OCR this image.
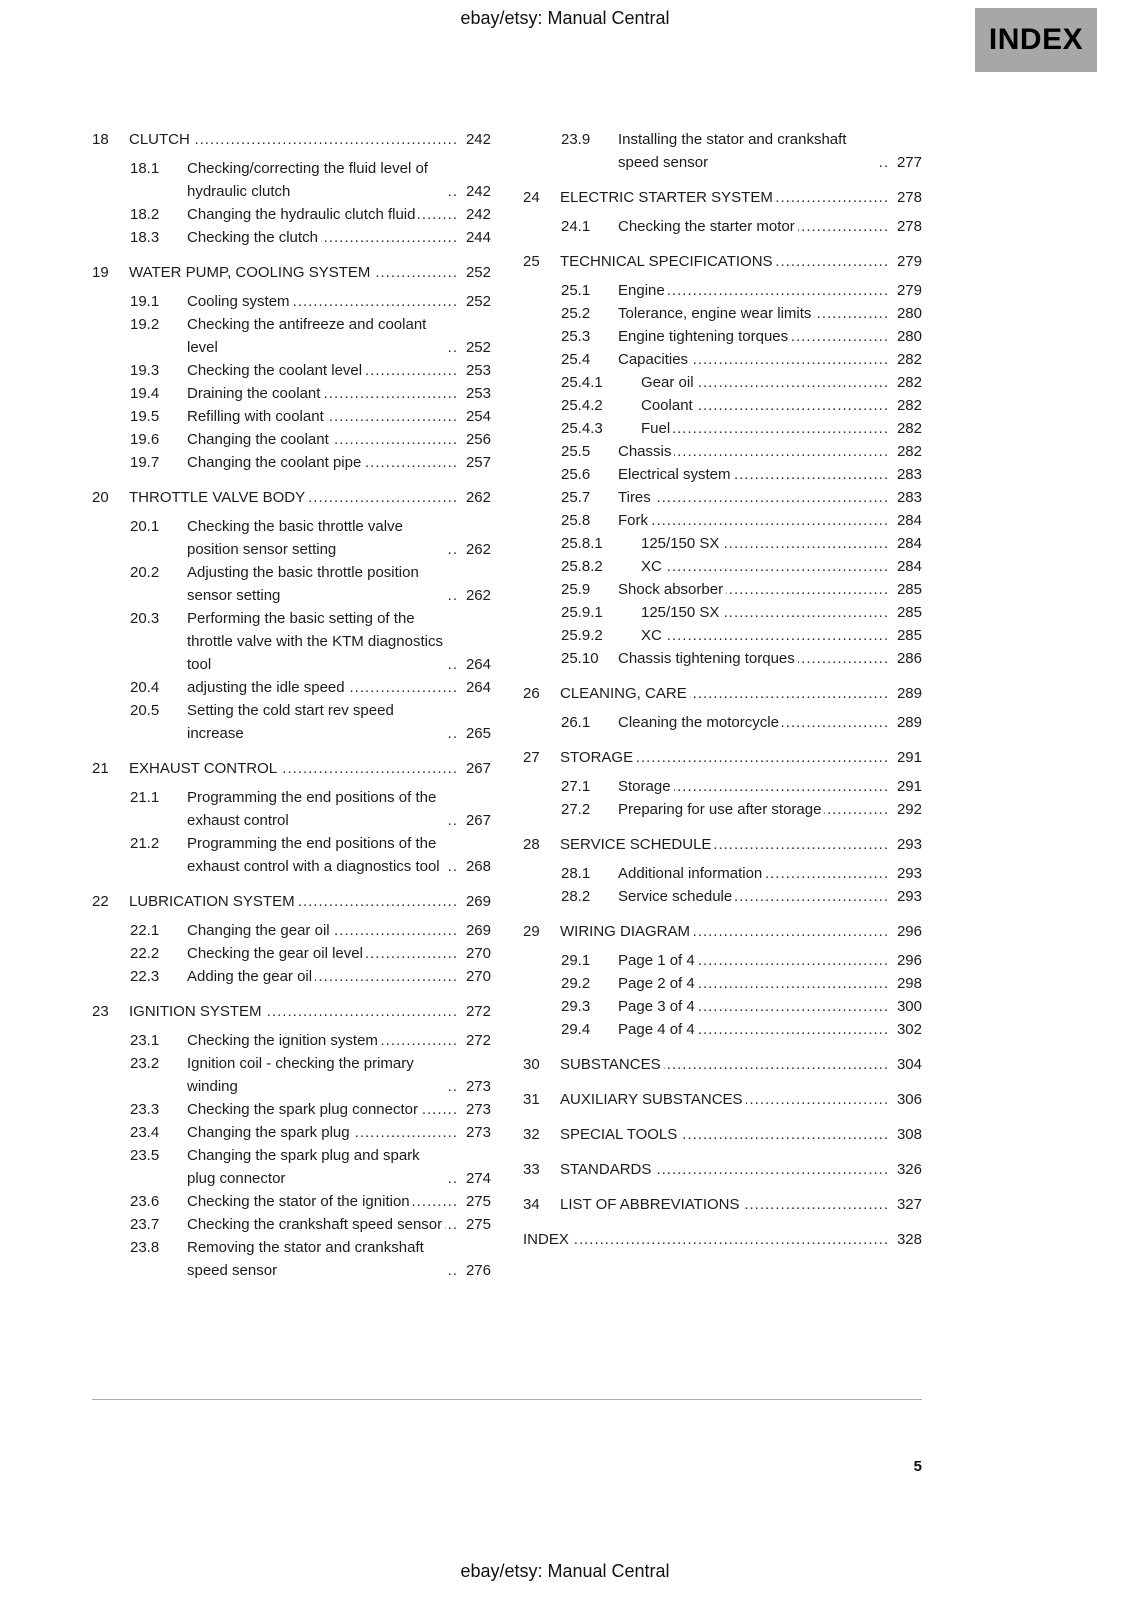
ebay/etsy: Manual Central
INDEX
18	CLUTCH .....	242
18.1	Checking/correcting the fluid level of hydraulic clutch .....	242
18.2	Changing the hydraulic clutch fluid .....	242
18.3	Checking the clutch .....	244
19	WATER PUMP, COOLING SYSTEM .....	252
19.1	Cooling system .....	252
19.2	Checking the antifreeze and coolant level .....	252
19.3	Checking the coolant level .....	253
19.4	Draining the coolant .....	253
19.5	Refilling with coolant .....	254
19.6	Changing the coolant .....	256
19.7	Changing the coolant pipe .....	257
20	THROTTLE VALVE BODY .....	262
20.1	Checking the basic throttle valve position sensor setting .....	262
20.2	Adjusting the basic throttle position sensor setting .....	262
20.3	Performing the basic setting of the throttle valve with the KTM diagnostics tool .....	264
20.4	adjusting the idle speed .....	264
20.5	Setting the cold start rev speed increase .....	265
21	EXHAUST CONTROL .....	267
21.1	Programming the end positions of the exhaust control .....	267
21.2	Programming the end positions of the exhaust control with a diagnostics tool .....	268
22	LUBRICATION SYSTEM .....	269
22.1	Changing the gear oil .....	269
22.2	Checking the gear oil level .....	270
22.3	Adding the gear oil .....	270
23	IGNITION SYSTEM .....	272
23.1	Checking the ignition system .....	272
23.2	Ignition coil - checking the primary winding .....	273
23.3	Checking the spark plug connector .....	273
23.4	Changing the spark plug .....	273
23.5	Changing the spark plug and spark plug connector .....	274
23.6	Checking the stator of the ignition .....	275
23.7	Checking the crankshaft speed sensor .....	275
23.8	Removing the stator and crankshaft speed sensor .....	276
23.9	Installing the stator and crankshaft speed sensor .....	277
24	ELECTRIC STARTER SYSTEM .....	278
24.1	Checking the starter motor .....	278
25	TECHNICAL SPECIFICATIONS .....	279
25.1	Engine .....	279
25.2	Tolerance, engine wear limits .....	280
25.3	Engine tightening torques .....	280
25.4	Capacities .....	282
25.4.1	Gear oil .....	282
25.4.2	Coolant .....	282
25.4.3	Fuel .....	282
25.5	Chassis .....	282
25.6	Electrical system .....	283
25.7	Tires .....	283
25.8	Fork .....	284
25.8.1	125/150 SX .....	284
25.8.2	XC .....	284
25.9	Shock absorber .....	285
25.9.1	125/150 SX .....	285
25.9.2	XC .....	285
25.10	Chassis tightening torques .....	286
26	CLEANING, CARE .....	289
26.1	Cleaning the motorcycle .....	289
27	STORAGE .....	291
27.1	Storage .....	291
27.2	Preparing for use after storage .....	292
28	SERVICE SCHEDULE .....	293
28.1	Additional information .....	293
28.2	Service schedule .....	293
29	WIRING DIAGRAM .....	296
29.1	Page 1 of 4 .....	296
29.2	Page 2 of 4 .....	298
29.3	Page 3 of 4 .....	300
29.4	Page 4 of 4 .....	302
30	SUBSTANCES .....	304
31	AUXILIARY SUBSTANCES .....	306
32	SPECIAL TOOLS .....	308
33	STANDARDS .....	326
34	LIST OF ABBREVIATIONS .....	327
INDEX .....	328
5
ebay/etsy: Manual Central
